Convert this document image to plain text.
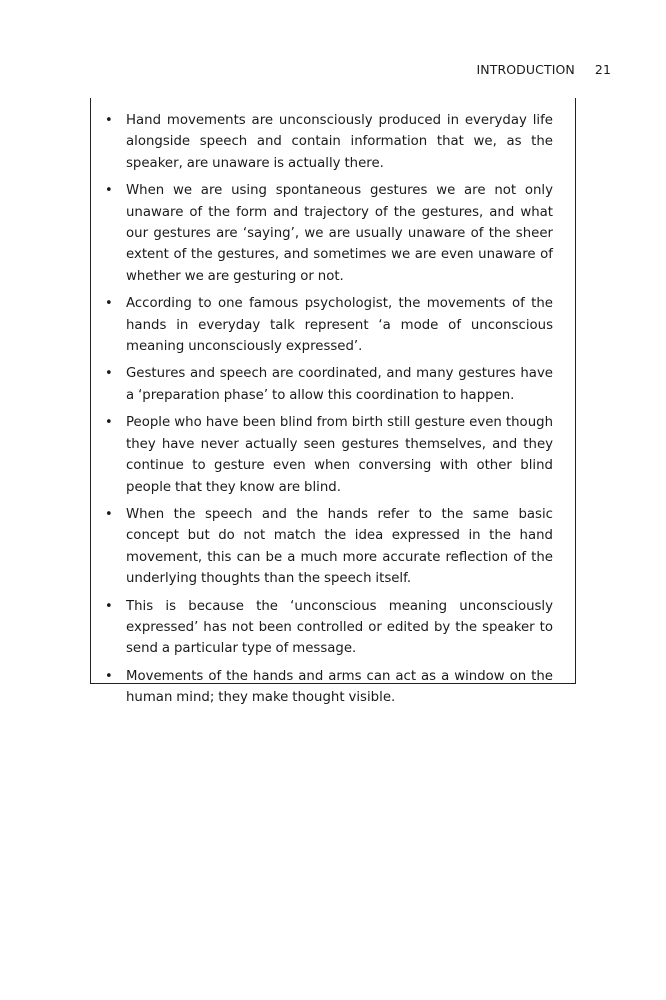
INTRODUCTION 21
•	Hand movements are unconsciously produced in everyday life alongside speech and contain information that we, as the speaker, are unaware is actually there.
•	When we are using spontaneous gestures we are not only unaware of the form and trajectory of the gestures, and what our gestures are ‘saying’, we are usually unaware of the sheer extent of the gestures, and sometimes we are even unaware of whether we are gesturing or not.
•	According to one famous psychologist, the movements of the hands in everyday talk represent ‘a mode of unconscious meaning unconsciously expressed’.
•	Gestures and speech are coordinated, and many gestures have a ‘preparation phase’ to allow this coordination to happen.
•	People who have been blind from birth still gesture even though they have never actually seen gestures themselves, and they continue to gesture even when conversing with other blind people that they know are blind.
•	When the speech and the hands refer to the same basic concept but do not match the idea expressed in the hand movement, this can be a much more accurate reflection of the underlying thoughts than the speech itself.
•	This is because the ‘unconscious meaning unconsciously expressed’ has not been controlled or edited by the speaker to send a particular type of message.
•	Movements of the hands and arms can act as a window on the human mind; they make thought visible.
